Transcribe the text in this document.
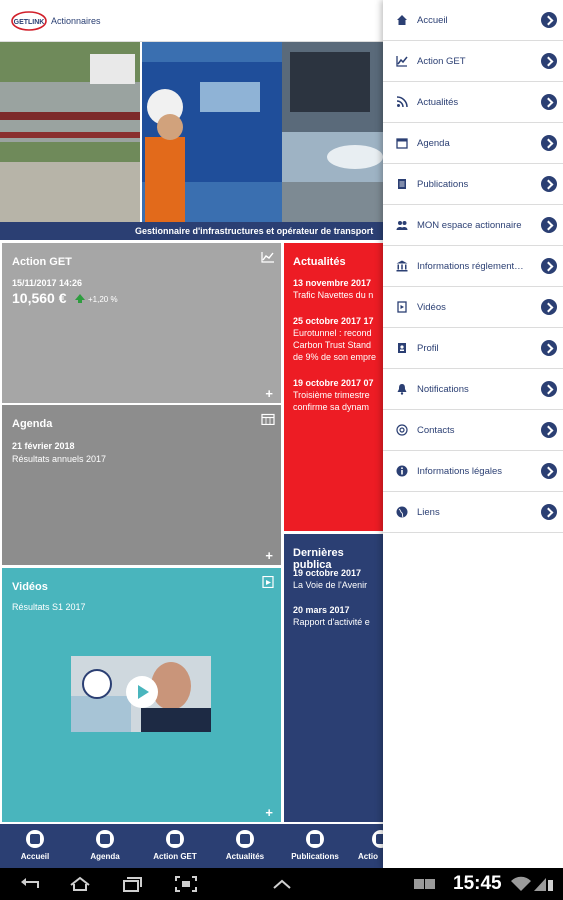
GETLINK Actionnaires
Gestionnaire d'infrastructures et opérateur de transport
Action GET
15/11/2017 14:26
10,560 €	+1,20 %
+
Agenda
21 février 2018
Résultats annuels 2017
+
Vidéos
Résultats S1 2017
+
Actualités
13 novembre 2017
Trafic Navettes du n
25 octobre 2017 17
Eurotunnel : recond
Carbon Trust Stand
de 9% de son empre
19 octobre 2017 07
Troisième trimestre
confirme sa dynam
Dernières publica
19 octobre 2017
La Voie de l'Avenir
20 mars 2017
Rapport d'activité e
Accueil	Agenda	Action GET	Actualités	Publications	Actio
Accueil
Action GET
Actualités
Agenda
Publications
MON espace actionnaire
Informations réglement…
Vidéos
Profil
Notifications
Contacts
Informations légales
Liens
15:45
